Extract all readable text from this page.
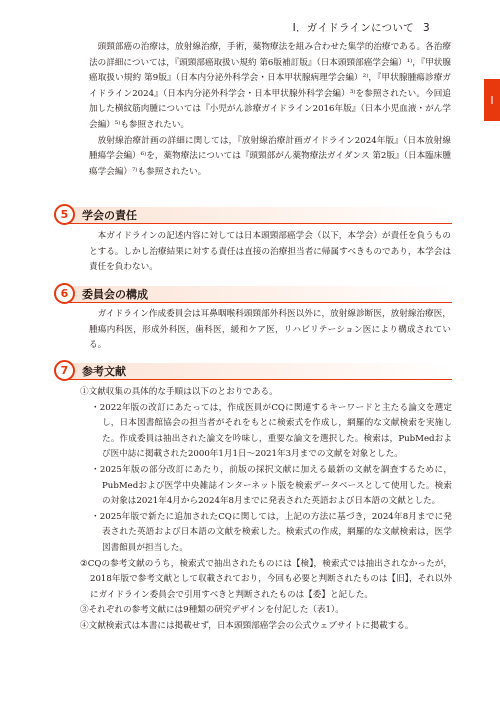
I．ガイドラインについて 3
I

頭頸部癌の治療は，放射線治療，手術，薬物療法を組み合わせた集学的治療である。各治療法の詳細については，『頭頸部癌取扱い規約 第6版補訂版』（日本頭頸部癌学会編）¹⁾，『甲状腺癌取扱い規約 第9版』（日本内分泌外科学会・日本甲状腺病理学会編）²⁾，『甲状腺腫瘍診療ガイドライン2024』（日本内分泌外科学会・日本甲状腺外科学会編）³⁾を参照されたい。今回追加した横紋筋肉腫については『小児がん診療ガイドライン2016年版』（日本小児血液・がん学会編）⁵⁾も参照されたい。

放射線治療計画の詳細に関しては，『放射線治療計画ガイドライン2024年版』（日本放射線腫瘍学会編）⁶⁾を，薬物療法については『頭頸部がん薬物療法ガイダンス 第2版』（日本臨床腫瘍学会編）⁷⁾も参照されたい。

5	学会の責任

本ガイドラインの記述内容に対しては日本頭頸部癌学会（以下，本学会）が責任を負うものとする。しかし治療結果に対する責任は直接の治療担当者に帰属すべきものであり，本学会は責任を負わない。

6	委員会の構成

ガイドライン作成委員会は耳鼻咽喉科頭頸部外科医以外に，放射線診断医，放射線治療医，腫瘍内科医，形成外科医，歯科医，緩和ケア医，リハビリテーション医により構成されている。

7	参考文献

①文献収集の具体的な手順は以下のとおりである。

・2022年版の改訂にあたっては，作成医員がCQに関連するキーワードと主たる論文を選定し，日本図書館協会の担当者がそれをもとに検索式を作成し，網羅的な文献検索を実施した。作成委員は抽出された論文を吟味し，重要な論文を選択した。検索は，PubMedおよび医中誌に掲載された2000年1月1日～2021年3月までの文献を対象とした。

・2025年版の部分改訂にあたり，前版の採択文献に加える最新の文献を調査するために，PubMedおよび医学中央雑誌インターネット版を検索データベースとして使用した。検索の対象は2021年4月から2024年8月までに発表された英語および日本語の文献とした。

・2025年版で新たに追加されたCQに関しては，上記の方法に基づき，2024年8月までに発表された英語および日本語の文献を検索した。検索式の作成，網羅的な文献検索は，医学図書館員が担当した。

②CQの参考文献のうち，検索式で抽出されたものには【検】，検索式では抽出されなかったが，2018年版で参考文献として収載されており，今回も必要と判断されたものは【旧】，それ以外にガイドライン委員会で引用すべきと判断されたものは【委】と記した。

③それぞれの参考文献には9種類の研究デザインを付記した（表1）。

④文献検索式は本書には掲載せず，日本頭頸部癌学会の公式ウェブサイトに掲載する。
